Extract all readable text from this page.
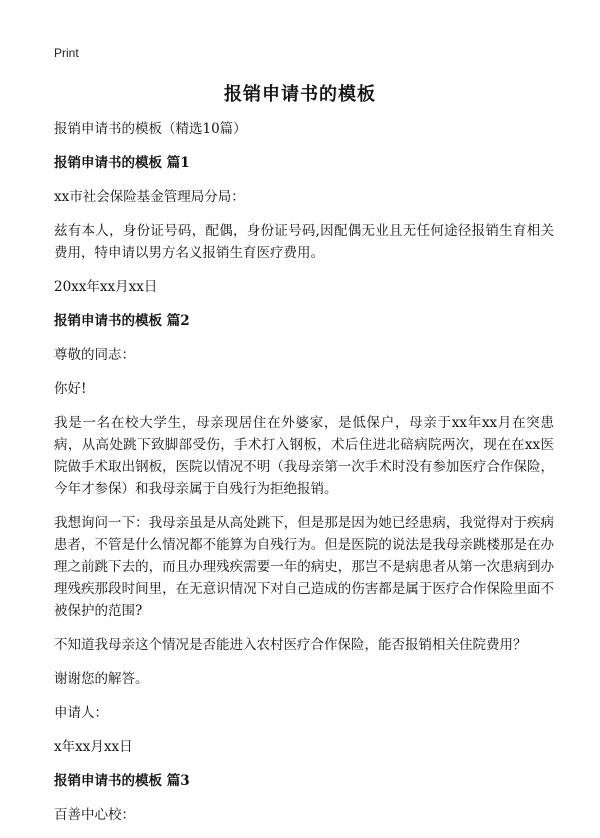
Print
报销申请书的模板

报销申请书的模板（精选10篇）

报销申请书的模板 篇1

xx市社会保险基金管理局分局：

兹有本人，身份证号码，配偶，身份证号码,因配偶无业且无任何途径报销生育相关费用，特申请以男方名义报销生育医疗费用。

20xx年xx月xx日

报销申请书的模板 篇2

尊敬的同志：

你好!

我是一名在校大学生，母亲现居住在外婆家，是低保户，母亲于xx年xx月在突患病，从高处跳下致脚部受伤，手术打入钢板，术后住进北碚病院两次，现在在xx医院做手术取出钢板，医院以情况不明（我母亲第一次手术时没有参加医疗合作保险，今年才参保）和我母亲属于自残行为拒绝报销。

我想询问一下：我母亲虽是从高处跳下，但是那是因为她已经患病，我觉得对于疾病患者，不管是什么情况都不能算为自残行为。但是医院的说法是我母亲跳楼那是在办理之前跳下去的，而且办理残疾需要一年的病史，那岂不是病患者从第一次患病到办理残疾那段时间里，在无意识情况下对自己造成的伤害都是属于医疗合作保险里面不被保护的范围?

不知道我母亲这个情况是否能进入农村医疗合作保险，能否报销相关住院费用？

谢谢您的解答。

申请人：

x年xx月xx日

报销申请书的模板 篇3

百善中心校：
